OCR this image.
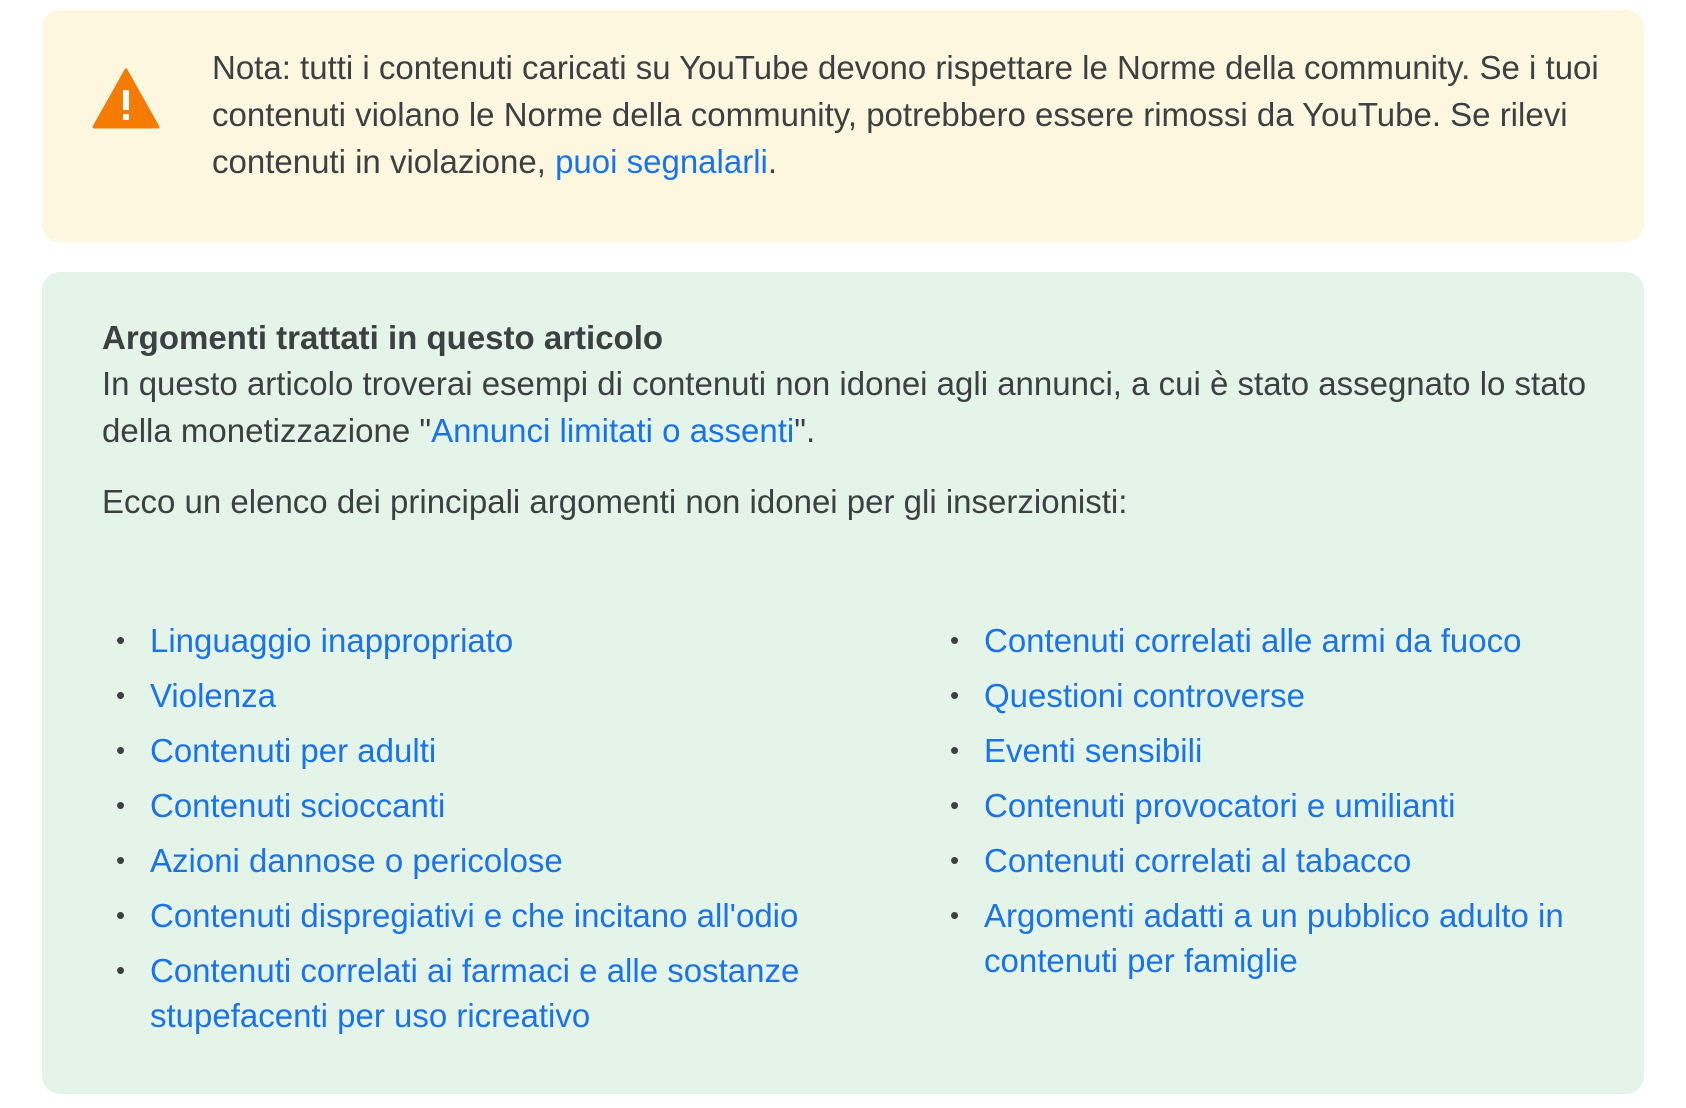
Nota: tutti i contenuti caricati su YouTube devono rispettare le Norme della community. Se i tuoi contenuti violano le Norme della community, potrebbero essere rimossi da YouTube. Se rilevi contenuti in violazione, puoi segnalarli.

Argomenti trattati in questo articolo

In questo articolo troverai esempi di contenuti non idonei agli annunci, a cui è stato assegnato lo stato della monetizzazione "Annunci limitati o assenti".

Ecco un elenco dei principali argomenti non idonei per gli inserzionisti:

• Linguaggio inappropriato
• Violenza
• Contenuti per adulti
• Contenuti scioccanti
• Azioni dannose o pericolose
• Contenuti dispregiativi e che incitano all'odio
• Contenuti correlati ai farmaci e alle sostanze stupefacenti per uso ricreativo
• Contenuti correlati alle armi da fuoco
• Questioni controverse
• Eventi sensibili
• Contenuti provocatori e umilianti
• Contenuti correlati al tabacco
• Argomenti adatti a un pubblico adulto in contenuti per famiglie
